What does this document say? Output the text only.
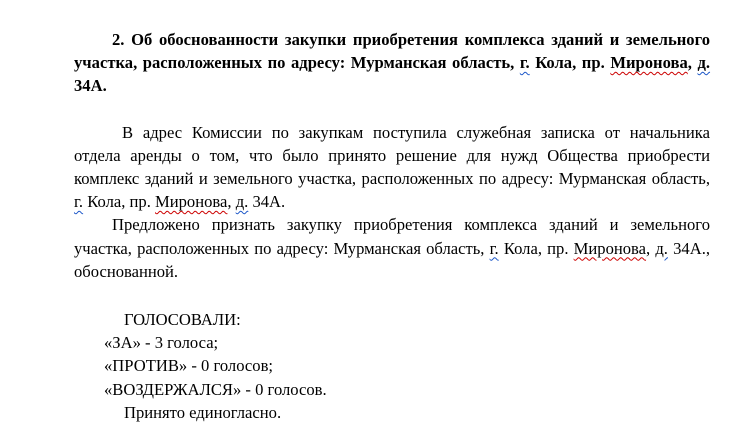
2. Об обоснованности закупки приобретения комплекса зданий и земельного участка, расположенных по адресу: Мурманская область, г. Кола, пр. Миронова, д. 34А.

В адрес Комиссии по закупкам поступила служебная записка от начальника отдела аренды о том, что было принято решение для нужд Общества приобрести комплекс зданий и земельного участка, расположенных по адресу: Мурманская область, г. Кола, пр. Миронова, д. 34А.

Предложено признать закупку приобретения комплекса зданий и земельного участка, расположенных по адресу: Мурманская область, г. Кола, пр. Миронова, д. 34А., обоснованной.

ГОЛОСОВАЛИ:
«ЗА» - 3 голоса;
«ПРОТИВ» - 0 голосов;
«ВОЗДЕРЖАЛСЯ» - 0 голосов.
Принято единогласно.
